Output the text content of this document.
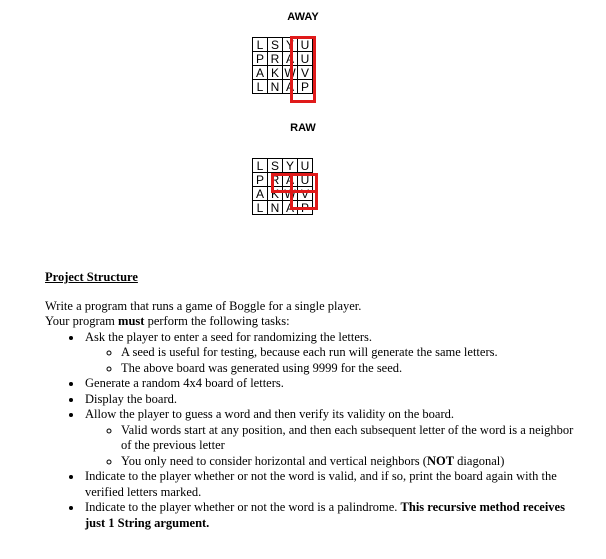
AWAY
L	S	Y	U
P	R	A	U
A	K	W	V
L	N	A	P
RAW
L	S	Y	U
P	R	A	U
A	K	W	V
L	N	A	P
Project Structure

Write a program that runs a game of Boggle for a single player.

Your program must perform the following tasks:

• Ask the player to enter a seed for randomizing the letters.
◦ A seed is useful for testing, because each run will generate the same letters.
◦ The above board was generated using 9999 for the seed.
• Generate a random 4x4 board of letters.
• Display the board.
• Allow the player to guess a word and then verify its validity on the board.
◦ Valid words start at any position, and then each subsequent letter of the word is a neighbor of the previous letter
◦ You only need to consider horizontal and vertical neighbors (NOT diagonal)
• Indicate to the player whether or not the word is valid, and if so, print the board again with the verified letters marked.
• Indicate to the player whether or not the word is a palindrome. This recursive method receives just 1 String argument.
